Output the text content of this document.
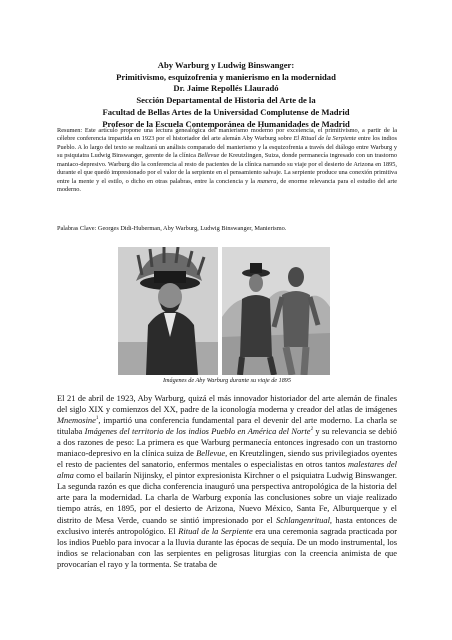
Aby Warburg y Ludwig Binswanger:
Primitivismo, esquizofrenia y manierismo en la modernidad
Dr. Jaime Repollés Llauradó
Sección Departamental de Historia del Arte de la
Facultad de Bellas Artes de la Universidad Complutense de Madrid
Profesor de la Escuela Contemporánea de Humanidades de Madrid

Resumen: Este artículo propone una lectura genealógica del manierismo moderno por excelencia, el primitivismo, a partir de la célebre conferencia impartida en 1923 por el historiador del arte alemán Aby Warburg sobre El Ritual de la Serpiente entre los indios Pueblo. A lo largo del texto se realizará un análisis comparado del manierismo y la esquizofrenia a través del diálogo entre Warburg y su psiquiatra Ludwig Binswanger, gerente de la clínica Bellevue de Kreutzlingen, Suiza, donde permanecía ingresado con un trastorno maniaco-depresivo. Warburg dio la conferencia al resto de pacientes de la clínica narrando su viaje por el desierto de Arizona en 1895, durante el que quedó impresionado por el valor de la serpiente en el pensamiento salvaje. La serpiente produce una conexión primitiva entre la mente y el estilo, o dicho en otras palabras, entre la conciencia y la manera, de enorme relevancia para el estudio del arte moderno.

Palabras Clave: Georges Didi-Huberman, Aby Warburg, Ludwig Binswanger, Manierismo.
Imágenes de Aby Warburg durante su viaje de 1895

El 21 de abril de 1923, Aby Warburg, quizá el más innovador historiador del arte alemán de finales del siglo XIX y comienzos del XX, padre de la iconología moderna y creador del atlas de imágenes Mnemosine$^1$, impartió una conferencia fundamental para el devenir del arte moderno. La charla se titulaba Imágenes del territorio de los indios Pueblo en América del Norte$^2$ y su relevancia se debió a dos razones de peso: La primera es que Warburg permanecía entonces ingresado con un trastorno maniaco-depresivo en la clínica suiza de Bellevue, en Kreutzlingen, siendo sus privilegiados oyentes el resto de pacientes del sanatorio, enfermos mentales o especialistas en otros tantos malestares del alma como el bailarín Nijinsky, el pintor expresionista Kirchner o el psiquiatra Ludwig Binswanger. La segunda razón es que dicha conferencia inauguró una perspectiva antropológica de la historia del arte para la modernidad. La charla de Warburg exponía las conclusiones sobre un viaje realizado tiempo atrás, en 1895, por el desierto de Arizona, Nuevo México, Santa Fe, Alburquerque y el distrito de Mesa Verde, cuando se sintió impresionado por el Schlangenritual, hasta entonces de exclusivo interés antropológico. El Ritual de la Serpiente era una ceremonia sagrada practicada por los indios Pueblo para invocar a la lluvia durante las épocas de sequía. De un modo instrumental, los indios se relacionaban con las serpientes en peligrosas liturgias con la creencia animista de que provocarían el rayo y la tormenta. Se trataba de
